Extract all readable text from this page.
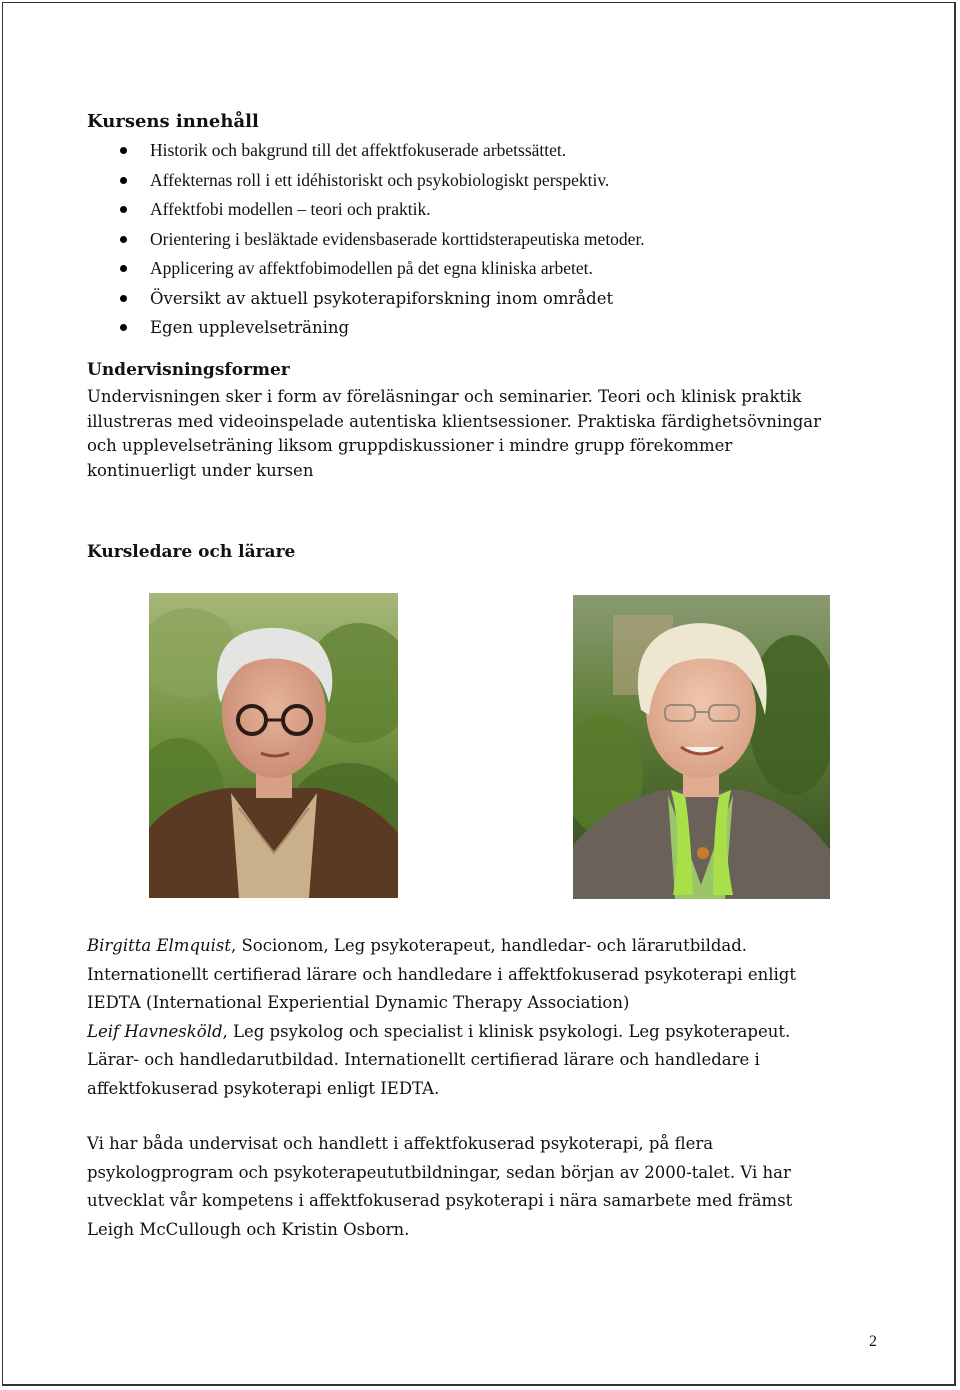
Kursens innehåll
Historik och bakgrund till det affektfokuserade arbetssättet.
Affekternas roll i ett idéhistoriskt och psykobiologiskt perspektiv.
Affektfobi modellen – teori och praktik.
Orientering i besläktade evidensbaserade korttidsterapeutiska metoder.
Applicering av affektfobimodellen på det egna kliniska arbetet.
Översikt av aktuell psykoterapiforskning inom området
Egen upplevelseträning
Undervisningsformer
Undervisningen sker i form av föreläsningar och seminarier. Teori och klinisk praktik
illustreras med videoinspelade autentiska klientsessioner. Praktiska färdighetsövningar
och upplevelseträning liksom gruppdiskussioner i mindre grupp förekommer
kontinuerligt under kursen
Kursledare och lärare
Birgitta Elmquist, Socionom, Leg psykoterapeut, handledar- och lärarutbildad.
Internationellt certifierad lärare och handledare i affektfokuserad psykoterapi enligt
IEDTA (International Experiential Dynamic Therapy Association)
Leif Havnesköld, Leg psykolog och specialist i klinisk psykologi. Leg psykoterapeut.
Lärar- och handledarutbildad. Internationellt certifierad lärare och handledare i
affektfokuserad psykoterapi enligt IEDTA.
Vi har båda undervisat och handlett i affektfokuserad psykoterapi, på flera
psykologprogram och psykoterapeututbildningar, sedan början av 2000-talet. Vi har
utvecklat vår kompetens i affektfokuserad psykoterapi i nära samarbete med främst
Leigh McCullough och Kristin Osborn.
2
